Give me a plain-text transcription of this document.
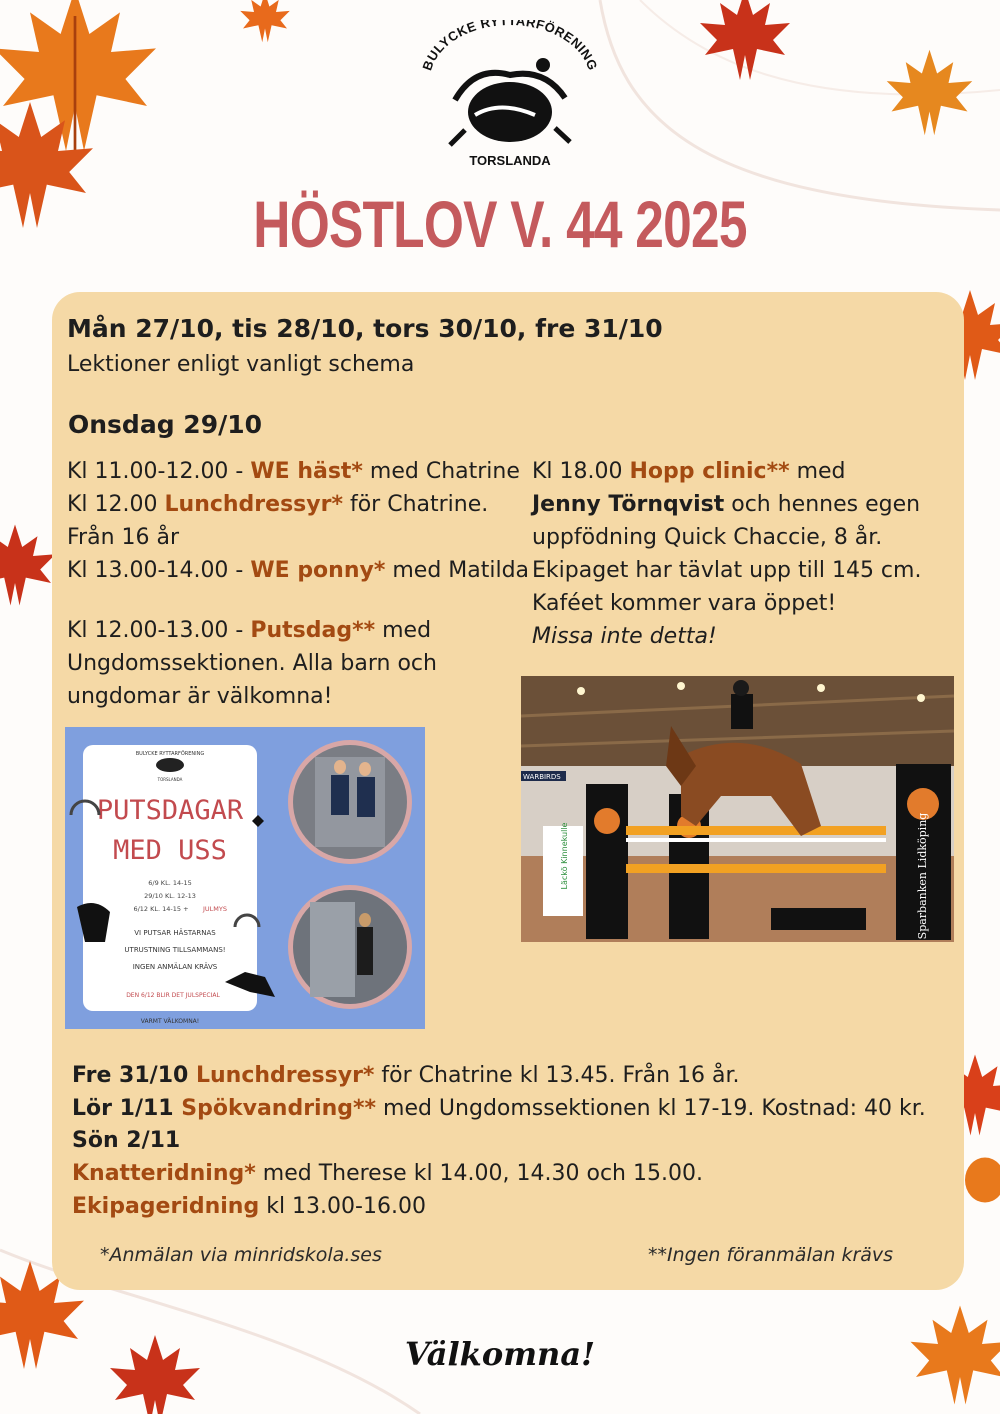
BULYCKE RYTTARFÖRENING
TORSLANDA
HÖSTLOV V. 44 2025
Mån 27/10, tis 28/10, tors 30/10, fre 31/10
Lektioner enligt vanligt schema
Onsdag 29/10
Kl 11.00-12.00 - WE häst* med Chatrine
Kl 12.00 Lunchdressyr* för Chatrine.
Från 16 år
Kl 13.00-14.00 - WE ponny* med Matilda
Kl 12.00-13.00 - Putsdag** med
Ungdomssektionen. Alla barn och
ungdomar är välkomna!
Kl 18.00 Hopp clinic** med
Jenny Törnqvist och hennes egen
uppfödning Quick Chaccie, 8 år.
Ekipaget har tävlat upp till 145 cm.
Kaféet kommer vara öppet!
Missa inte detta!
BULYCKE RYTTARFÖRENING
TORSLANDA
PUTSDAGAR
MED USS
6/9 KL. 14-15
29/10 KL. 12-13
6/12 KL. 14-15 + JULMYS
VI PUTSAR HÄSTARNAS
UTRUSTNING TILLSAMMANS!
INGEN ANMÄLAN KRÄVS
DEN 6/12 BLIR DET JULSPECIAL
VARMT VÄLKOMNA!
WARBIRDS
Läckö Kinnekulle	Sparbanken Lidköping
Fre 31/10 Lunchdressyr* för Chatrine kl 13.45. Från 16 år.
Lör 1/11 Spökvandring** med Ungdomssektionen kl 17-19. Kostnad: 40 kr.
Sön 2/11
Knatteridning* med Therese kl 14.00, 14.30 och 15.00.
Ekipageridning kl 13.00-16.00
*Anmälan via minridskola.ses	**Ingen föranmälan krävs
Välkomna!
